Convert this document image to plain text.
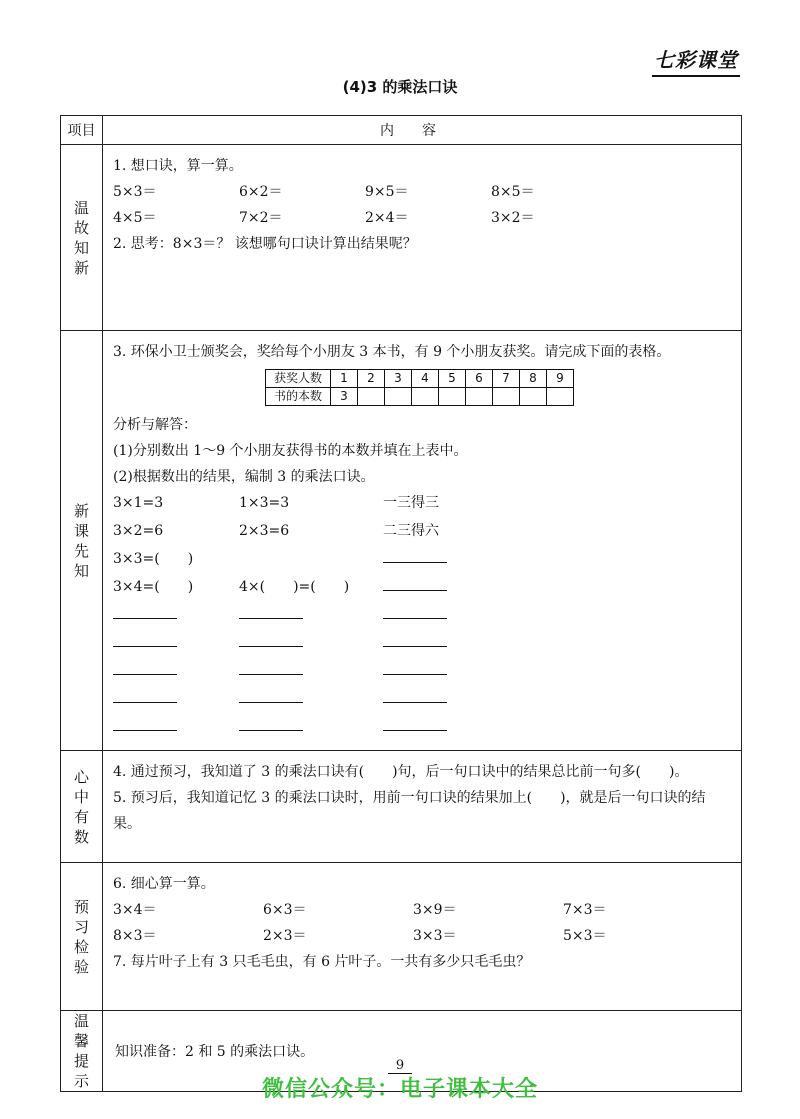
七彩课堂
(4)3 的乘法口诀
项目	内容

温故知新

1. 想口诀，算一算。
5×3＝	6×2＝	9×5＝	8×5＝
4×5＝	7×2＝	2×4＝	3×2＝
2. 思考：8×3＝？ 该想哪句口诀计算出结果呢？

新课先知

3. 环保小卫士颁奖会，奖给每个小朋友 3 本书，有 9 个小朋友获奖。请完成下面的表格。
获奖人数	1	2	3	4	5	6	7	8	9
书的本数	3								
分析与解答：
(1)分别数出 1～9 个小朋友获得书的本数并填在上表中。
(2)根据数出的结果，编制 3 的乘法口诀。
3×1=3	1×3=3	一三得三
3×2=6	2×3=6	二三得六
3×3=(　　)
3×4=(　　)	4×(　　)=(　　)

心中有数

4. 通过预习，我知道了 3 的乘法口诀有(　　)句，后一句口诀中的结果总比前一句多(　　)。
5. 预习后，我知道记忆 3 的乘法口诀时，用前一句口诀的结果加上(　　)，就是后一句口诀的结果。

预习检验

6. 细心算一算。
3×4＝	6×3＝	3×9＝	7×3＝
8×3＝	2×3＝	3×3＝	5×3＝
7. 每片叶子上有 3 只毛毛虫，有 6 片叶子。一共有多少只毛毛虫？

温馨提示
	知识准备：2 和 5 的乘法口诀。
9
微信公众号：电子课本大全
